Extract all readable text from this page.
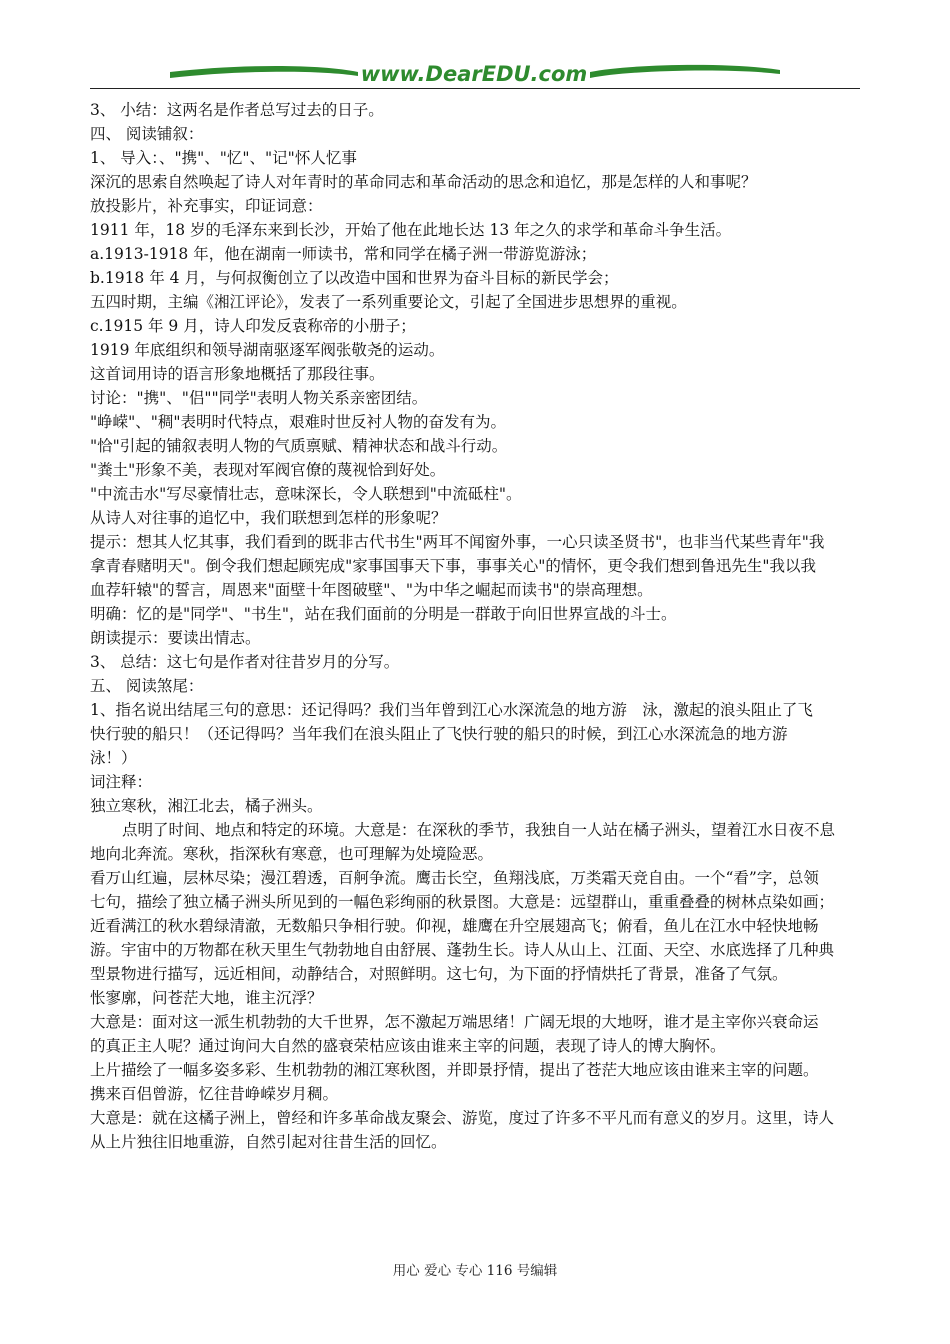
www.DearEDU.com
3、 小结：这两名是作者总写过去的日子。
四、 阅读铺叙：
1、 导入：、"携"、"忆"、"记"怀人忆事
深沉的思索自然唤起了诗人对年青时的革命同志和革命活动的思念和追忆，那是怎样的人和事呢？
放投影片，补充事实，印证词意：
1911 年，18 岁的毛泽东来到长沙，开始了他在此地长达 13 年之久的求学和革命斗争生活。
a.1913-1918 年，他在湖南一师读书，常和同学在橘子洲一带游览游泳；
b.1918 年 4 月，与何叔衡创立了以改造中国和世界为奋斗目标的新民学会；
五四时期，主编《湘江评论》，发表了一系列重要论文，引起了全国进步思想界的重视。
c.1915 年 9 月，诗人印发反袁称帝的小册子；
1919 年底组织和领导湖南驱逐军阀张敬尧的运动。
这首词用诗的语言形象地概括了那段往事。
讨论："携"、"侣""同学"表明人物关系亲密团结。
"峥嵘"、"稠"表明时代特点，艰难时世反衬人物的奋发有为。
"恰"引起的铺叙表明人物的气质禀赋、精神状态和战斗行动。
"粪土"形象不美，表现对军阀官僚的蔑视恰到好处。
"中流击水"写尽豪情壮志，意味深长，令人联想到"中流砥柱"。
从诗人对往事的追忆中，我们联想到怎样的形象呢？
提示：想其人忆其事，我们看到的既非古代书生"两耳不闻窗外事，一心只读圣贤书"，也非当代某些青年"我
拿青春赌明天"。倒令我们想起顾宪成"家事国事天下事，事事关心"的情怀，更令我们想到鲁迅先生"我以我
血荐轩辕"的誓言，周恩来"面壁十年图破壁"、"为中华之崛起而读书"的崇高理想。
明确：忆的是"同学"、"书生"，站在我们面前的分明是一群敢于向旧世界宣战的斗士。
朗读提示：要读出情志。
3、 总结：这七句是作者对往昔岁月的分写。
五、 阅读煞尾：
1、指名说出结尾三句的意思：还记得吗？我们当年曾到江心水深流急的地方游　泳，激起的浪头阻止了飞
快行驶的船只！（还记得吗？当年我们在浪头阻止了飞快行驶的船只的时候，到江心水深流急的地方游
泳！）
词注释：
独立寒秋，湘江北去，橘子洲头。
点明了时间、地点和特定的环境。大意是：在深秋的季节，我独自一人站在橘子洲头，望着江水日夜不息
地向北奔流。寒秋，指深秋有寒意，也可理解为处境险恶。
看万山红遍，层林尽染；漫江碧透，百舸争流。鹰击长空，鱼翔浅底，万类霜天竞自由。一个“看”字，总领
七句，描绘了独立橘子洲头所见到的一幅色彩绚丽的秋景图。大意是：远望群山，重重叠叠的树林点染如画；
近看满江的秋水碧绿清澈，无数船只争相行驶。仰视，雄鹰在升空展翅高飞；俯看，鱼儿在江水中轻快地畅
游。宇宙中的万物都在秋天里生气勃勃地自由舒展、蓬勃生长。诗人从山上、江面、天空、水底选择了几种典
型景物进行描写，远近相间，动静结合，对照鲜明。这七句，为下面的抒情烘托了背景，准备了气氛。
怅寥廓，问苍茫大地，谁主沉浮？
大意是：面对这一派生机勃勃的大千世界，怎不激起万端思绪！广阔无垠的大地呀，谁才是主宰你兴衰命运
的真正主人呢？通过询问大自然的盛衰荣枯应该由谁来主宰的问题，表现了诗人的博大胸怀。
上片描绘了一幅多姿多彩、生机勃勃的湘江寒秋图，并即景抒情，提出了苍茫大地应该由谁来主宰的问题。
携来百侣曾游，忆往昔峥嵘岁月稠。
大意是：就在这橘子洲上，曾经和许多革命战友聚会、游览，度过了许多不平凡而有意义的岁月。这里，诗人
从上片独往旧地重游，自然引起对往昔生活的回忆。
用心 爱心 专心 116 号编辑
